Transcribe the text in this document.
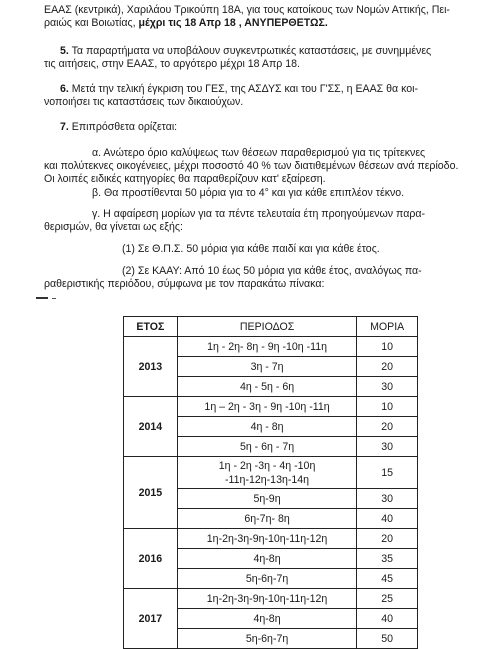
ΕΑΑΣ (κεντρικά), Χαριλάου Τρικούπη 18Α, για τους κατοίκους των Νομών Αττικής, Πει-
ραιώς και Βοιωτίας, μέχρι τις 18 Απρ 18 , ΑΝΥΠΕΡΘΕΤΩΣ.
5. Τα παραρτήματα να υποβάλουν συγκεντρωτικές καταστάσεις, με συνημμένες
τις αιτήσεις, στην ΕΑΑΣ, το αργότερο μέχρι 18 Απρ 18.
6. Μετά την τελική έγκριση του ΓΕΣ, της ΑΣΔΥΣ και του Γ'ΣΣ, η ΕΑΑΣ θα κοι-
νοποιήσει τις καταστάσεις των δικαιούχων.
7. Επιπρόσθετα ορίζεται:
α. Ανώτερο όριο καλύψεως των θέσεων παραθερισμού για τις τρίτεκνες
και πολύτεκνες οικογένειες, μέχρι ποσοστό 40 % των διατιθεμένων θέσεων ανά περίοδο.
Οι λοιπές ειδικές κατηγορίες θα παραθερίζουν κατ' εξαίρεση.
β. Θα προστίθενται 50 μόρια για το 4° και για κάθε επιπλέον τέκνο.
γ. Η αφαίρεση μορίων για τα πέντε τελευταία έτη προηγούμενων παρα-
θερισμών, θα γίνεται ως εξής:
(1) Σε Θ.Π.Σ. 50 μόρια για κάθε παιδί και για κάθε έτος.
(2) Σε ΚΑΑΥ: Από 10 έως 50 μόρια για κάθε έτος, αναλόγως πα-
ραθεριστικής περιόδου, σύμφωνα με τον παρακάτω πίνακα:
ΕΤΟΣ	ΠΕΡΙΟΔΟΣ	ΜΟΡΙΑ
2013	1η - 2η- 8η - 9η -10η -11η	10
	3η - 7η	20
	4η - 5η - 6η	30
2014	1η – 2η - 3η - 9η -10η -11η	10
	4η - 8η	20
	5η - 6η - 7η	30
2015	1η - 2η -3η - 4η -10η -11η-12η-13η-14η	15
	5η-9η	30
	6η-7η- 8η	40
2016	1η-2η-3η-9η-10η-11η-12η	20
	4η-8η	35
	5η-6η-7η	45
2017	1η-2η-3η-9η-10η-11η-12η	25
	4η-8η	40
	5η-6η-7η	50
